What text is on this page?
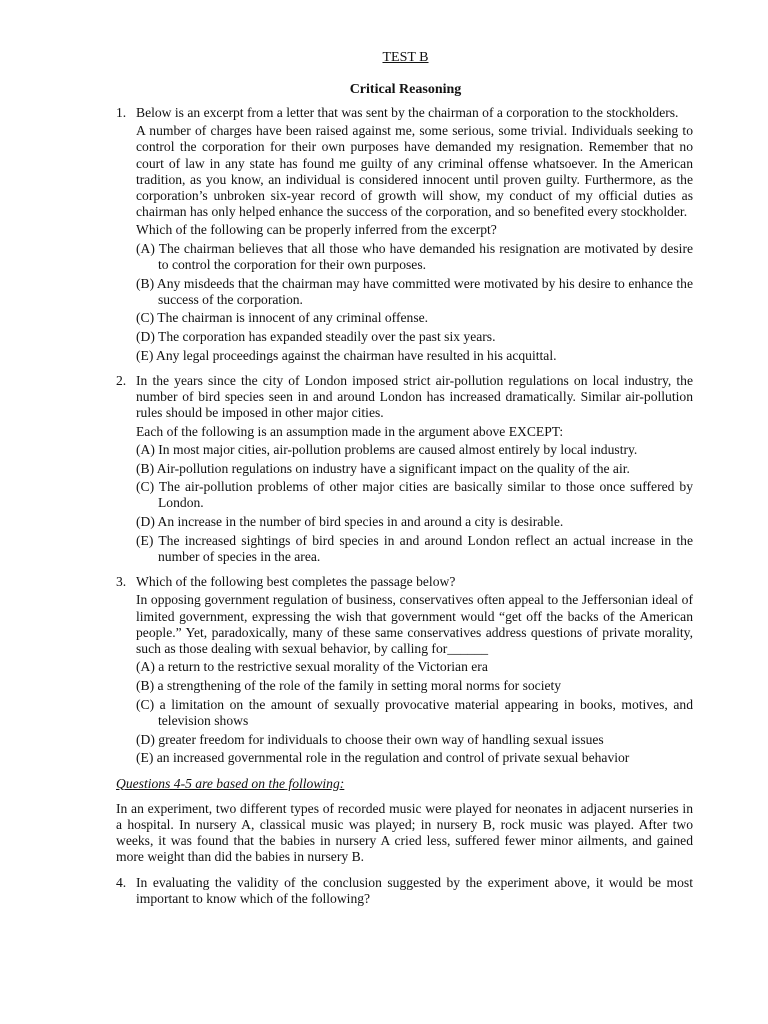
TEST B
Critical Reasoning
1. Below is an excerpt from a letter that was sent by the chairman of a corporation to the stockholders.

A number of charges have been raised against me, some serious, some trivial. Individuals seeking to control the corporation for their own purposes have demanded my resignation. Remember that no court of law in any state has found me guilty of any criminal offense whatsoever. In the American tradition, as you know, an individual is considered innocent until proven guilty. Furthermore, as the corporation’s unbroken six-year record of growth will show, my conduct of my official duties as chairman has only helped enhance the success of the corporation, and so benefited every stockholder.

Which of the following can be properly inferred from the excerpt?

(A) The chairman believes that all those who have demanded his resignation are motivated by desire to control the corporation for their own purposes.
(B) Any misdeeds that the chairman may have committed were motivated by his desire to enhance the success of the corporation.
(C) The chairman is innocent of any criminal offense.
(D) The corporation has expanded steadily over the past six years.
(E) Any legal proceedings against the chairman have resulted in his acquittal.
2. In the years since the city of London imposed strict air-pollution regulations on local industry, the number of bird species seen in and around London has increased dramatically. Similar air-pollution rules should be imposed in other major cities.

Each of the following is an assumption made in the argument above EXCEPT:

(A) In most major cities, air-pollution problems are caused almost entirely by local industry.
(B) Air-pollution regulations on industry have a significant impact on the quality of the air.
(C) The air-pollution problems of other major cities are basically similar to those once suffered by London.
(D) An increase in the number of bird species in and around a city is desirable.
(E) The increased sightings of bird species in and around London reflect an actual increase in the number of species in the area.
3. Which of the following best completes the passage below?

In opposing government regulation of business, conservatives often appeal to the Jeffersonian ideal of limited government, expressing the wish that government would “get off the backs of the American people.” Yet, paradoxically, many of these same conservatives address questions of private morality, such as those dealing with sexual behavior, by calling for______

(A) a return to the restrictive sexual morality of the Victorian era
(B) a strengthening of the role of the family in setting moral norms for society
(C) a limitation on the amount of sexually provocative material appearing in books, motives, and television shows
(D) greater freedom for individuals to choose their own way of handling sexual issues
(E) an increased governmental role in the regulation and control of private sexual behavior
Questions 4-5 are based on the following:

In an experiment, two different types of recorded music were played for neonates in adjacent nurseries in a hospital. In nursery A, classical music was played; in nursery B, rock music was played. After two weeks, it was found that the babies in nursery A cried less, suffered fewer minor ailments, and gained more weight than did the babies in nursery B.

4. In evaluating the validity of the conclusion suggested by the experiment above, it would be most important to know which of the following?
